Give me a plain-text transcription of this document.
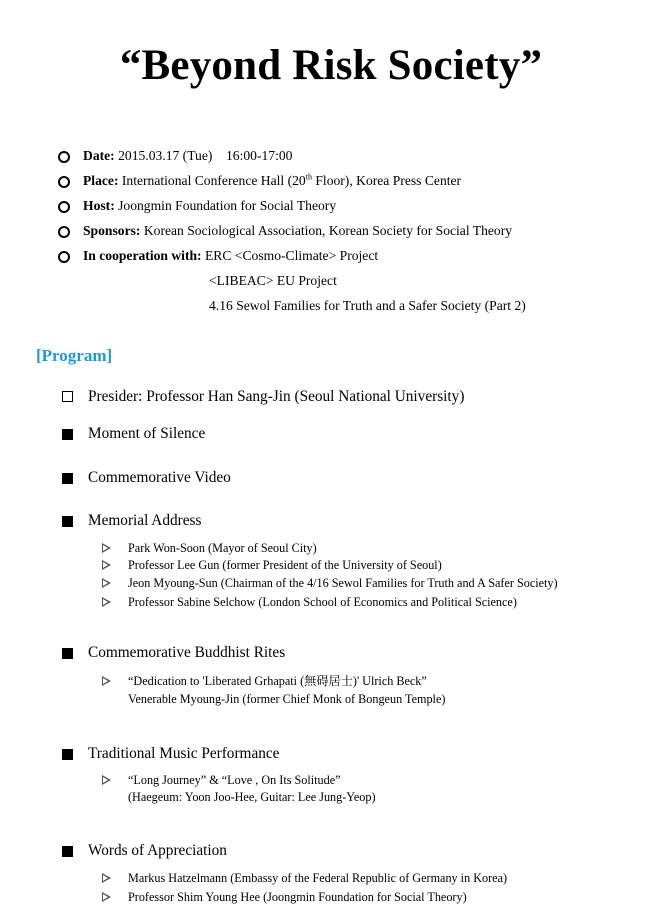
“Beyond Risk Society”
Date: 2015.03.17 (Tue)    16:00-17:00
Place: International Conference Hall (20th Floor), Korea Press Center
Host: Joongmin Foundation for Social Theory
Sponsors: Korean Sociological Association, Korean Society for Social Theory
In cooperation with: ERC <Cosmo-Climate> Project
<LIBEAC> EU Project
4.16 Sewol Families for Truth and a Safer Society (Part 2)
[Program]
Presider: Professor Han Sang-Jin (Seoul National University)
Moment of Silence
Commemorative Video
Memorial Address
Park Won-Soon (Mayor of Seoul City)
Professor Lee Gun (former President of the University of Seoul)
Jeon Myoung-Sun (Chairman of the 4/16 Sewol Families for Truth and A Safer Society)
Professor Sabine Selchow (London School of Economics and Political Science)
Commemorative Buddhist Rites
“Dedication to 'Liberated Grhapati (無碍居士)' Ulrich Beck”
Venerable Myoung-Jin (former Chief Monk of Bongeun Temple)
Traditional Music Performance
“Long Journey” & “Love , On Its Solitude”
(Haegeum: Yoon Joo-Hee, Guitar: Lee Jung-Yeop)
Words of Appreciation
Markus Hatzelmann (Embassy of the Federal Republic of Germany in Korea)
Professor Shim Young Hee (Joongmin Foundation for Social Theory)
